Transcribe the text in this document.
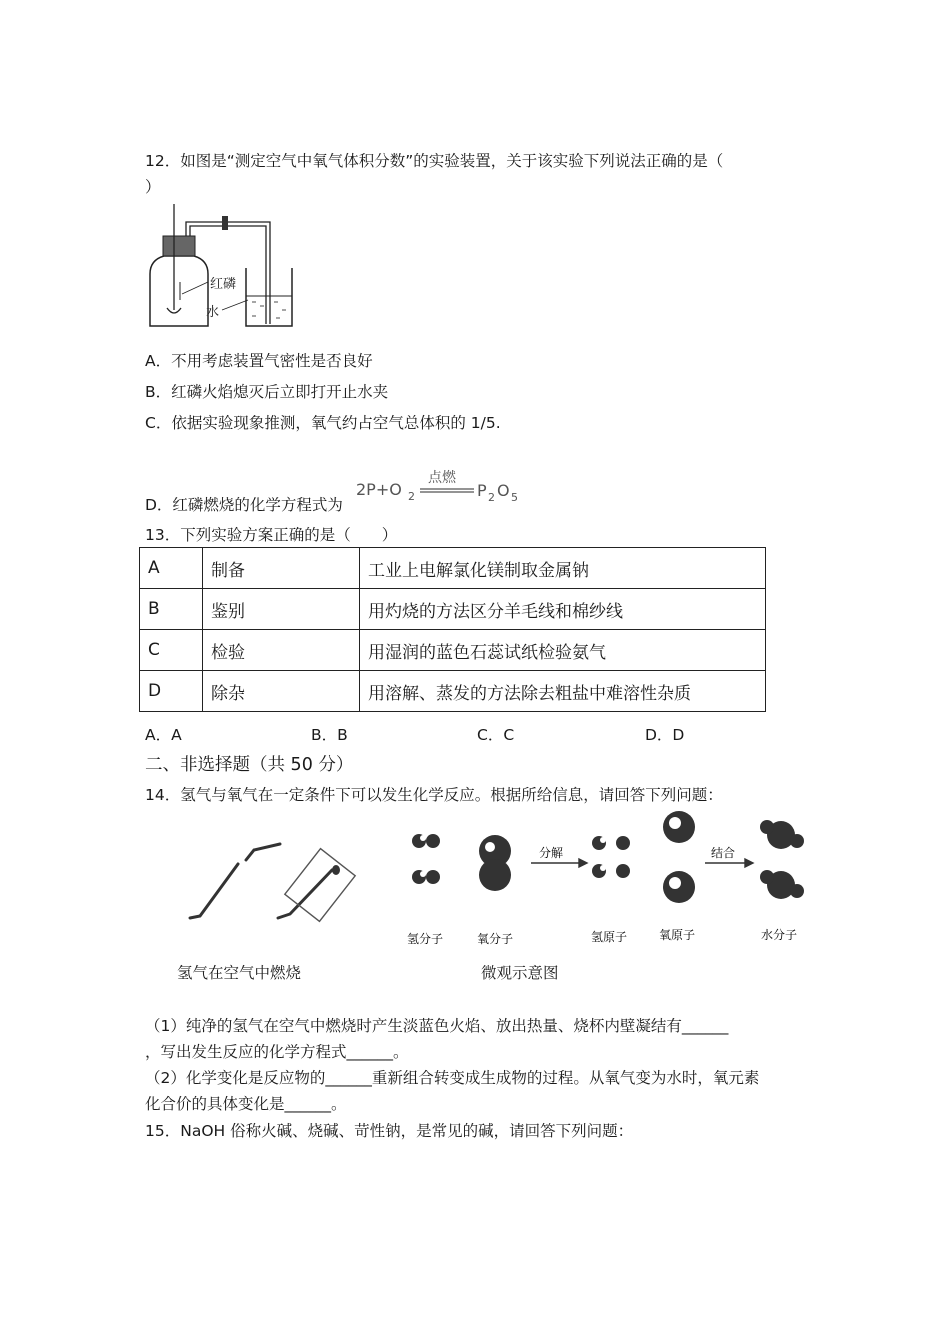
12．如图是“测定空气中氧气体积分数”的实验装置，关于该实验下列说法正确的是（
）
红磷
水
A．不用考虑装置气密性是否良好
B．红磷火焰熄灭后立即打开止水夹
C．依据实验现象推测，氧气约占空气总体积的 1/5.
D．红磷燃烧的化学方程式为
2P+O 2
点燃
P 2 O 5
13．下列实验方案正确的是（　　）
A	制备	工业上电解氯化镁制取金属钠
B	鉴别	用灼烧的方法区分羊毛线和棉纱线
C	检验	用湿润的蓝色石蕊试纸检验氨气
D	除杂	用溶解、蒸发的方法除去粗盐中难溶性杂质
A．A	B．B	C．C	D．D
二、非选择题（共 50 分）
14．氢气与氧气在一定条件下可以发生化学反应。根据所给信息，请回答下列问题：
分解	结合
氢分子	氧分子	氢原子	氧原子	水分子
氢气在空气中燃烧	微观示意图
（1）纯净的氢气在空气中燃烧时产生淡蓝色火焰、放出热量、烧杯内壁凝结有______
，写出发生反应的化学方程式______。
（2）化学变化是反应物的______重新组合转变成生成物的过程。从氧气变为水时，氧元素
化合价的具体变化是______。
15．NaOH 俗称火碱、烧碱、苛性钠，是常见的碱，请回答下列问题：
